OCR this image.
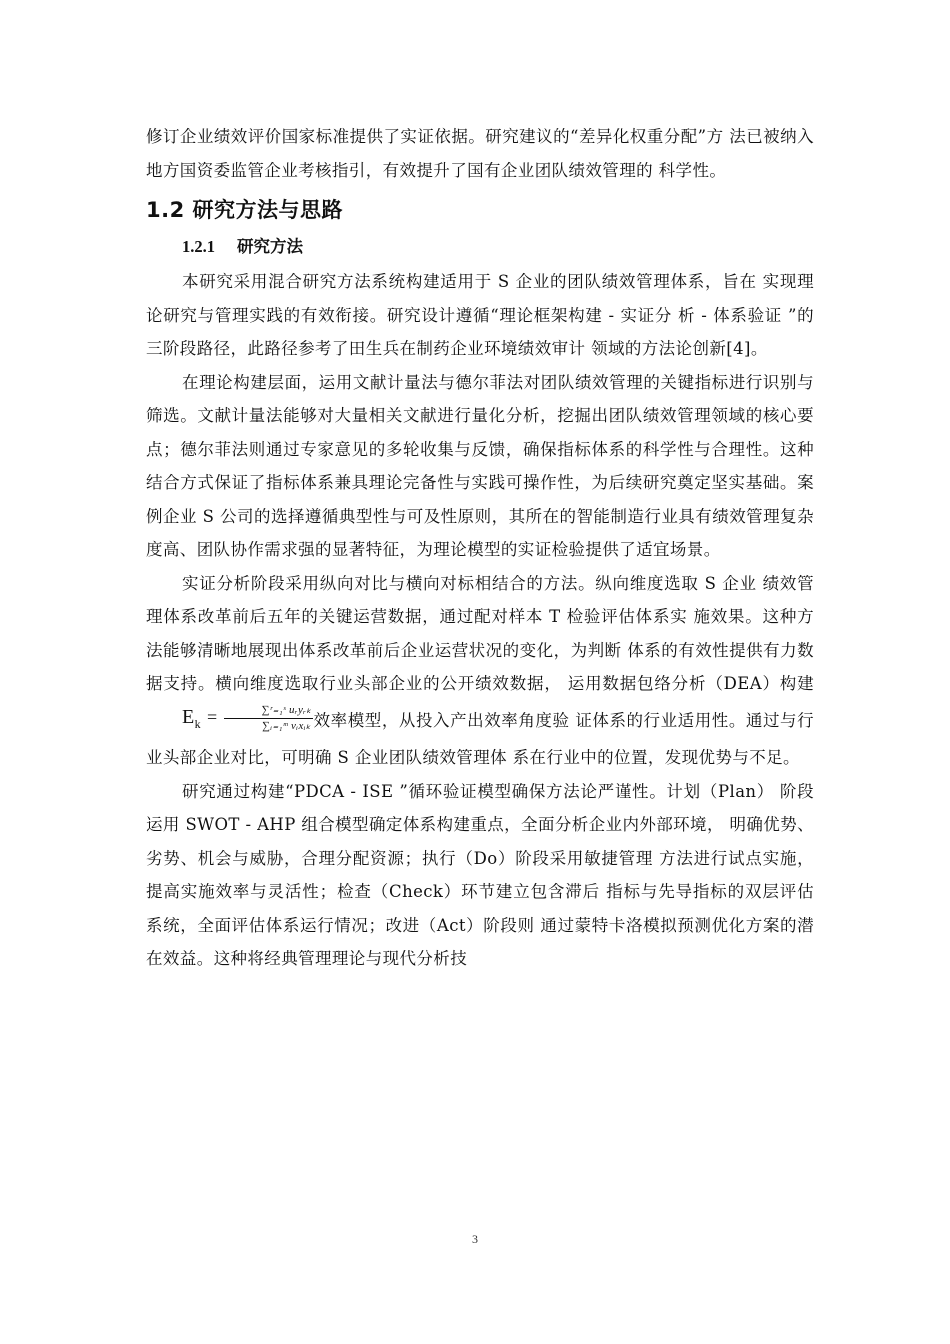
修订企业绩效评价国家标准提供了实证依据。研究建议的“差异化权重分配”方 法已被纳入地方国资委监管企业考核指引，有效提升了国有企业团队绩效管理的 科学性。

1.2 研究方法与思路
1.2.1 研究方法

本研究采用混合研究方法系统构建适用于 S 企业的团队绩效管理体系，旨在 实现理论研究与管理实践的有效衔接。研究设计遵循“理论框架构建 - 实证分 析 - 体系验证 ”的三阶段路径，此路径参考了田生兵在制药企业环境绩效审计 领域的方法论创新[4]。

在理论构建层面，运用文献计量法与德尔菲法对团队绩效管理的关键指标进行识别与筛选。文献计量法能够对大量相关文献进行量化分析，挖掘出团队绩效管理领域的核心要点；德尔菲法则通过专家意见的多轮收集与反馈，确保指标体系的科学性与合理性。这种结合方式保证了指标体系兼具理论完备性与实践可操作性，为后续研究奠定坚实基础。案例企业 S 公司的选择遵循典型性与可及性原则，其所在的智能制造行业具有绩效管理复杂度高、团队协作需求强的显著特征，为理论模型的实证检验提供了适宜场景。

实证分析阶段采用纵向对比与横向对标相结合的方法。纵向维度选取 S 企业 绩效管理体系改革前后五年的关键运营数据，通过配对样本 T 检验评估体系实 施效果。这种方法能够清晰地展现出体系改革前后企业运营状况的变化，为判断 体系的有效性提供有力数据支持。横向维度选取行业头部企业的公开绩效数据， 运用数据包络分析（DEA）构建$E_k = \frac{\text{∑ʳ₌₁ˢ uᵣyᵣₖ}}{\text{∑ᵢ₌₁ᵐ vᵢxᵢₖ}}$ 效率模型，从投入产出效率角度验 证体系的行业适用性。通过与行业头部企业对比，可明确 S 企业团队绩效管理体 系在行业中的位置，发现优势与不足。

研究通过构建“PDCA - ISE ”循环验证模型确保方法论严谨性。计划（Plan） 阶段运用 SWOT - AHP 组合模型确定体系构建重点，全面分析企业内外部环境， 明确优势、劣势、机会与威胁，合理分配资源；执行（Do）阶段采用敏捷管理 方法进行试点实施，提高实施效率与灵活性；检查（Check）环节建立包含滞后 指标与先导指标的双层评估系统，全面评估体系运行情况；改进（Act）阶段则 通过蒙特卡洛模拟预测优化方案的潜在效益。这种将经典管理理论与现代分析技

3
